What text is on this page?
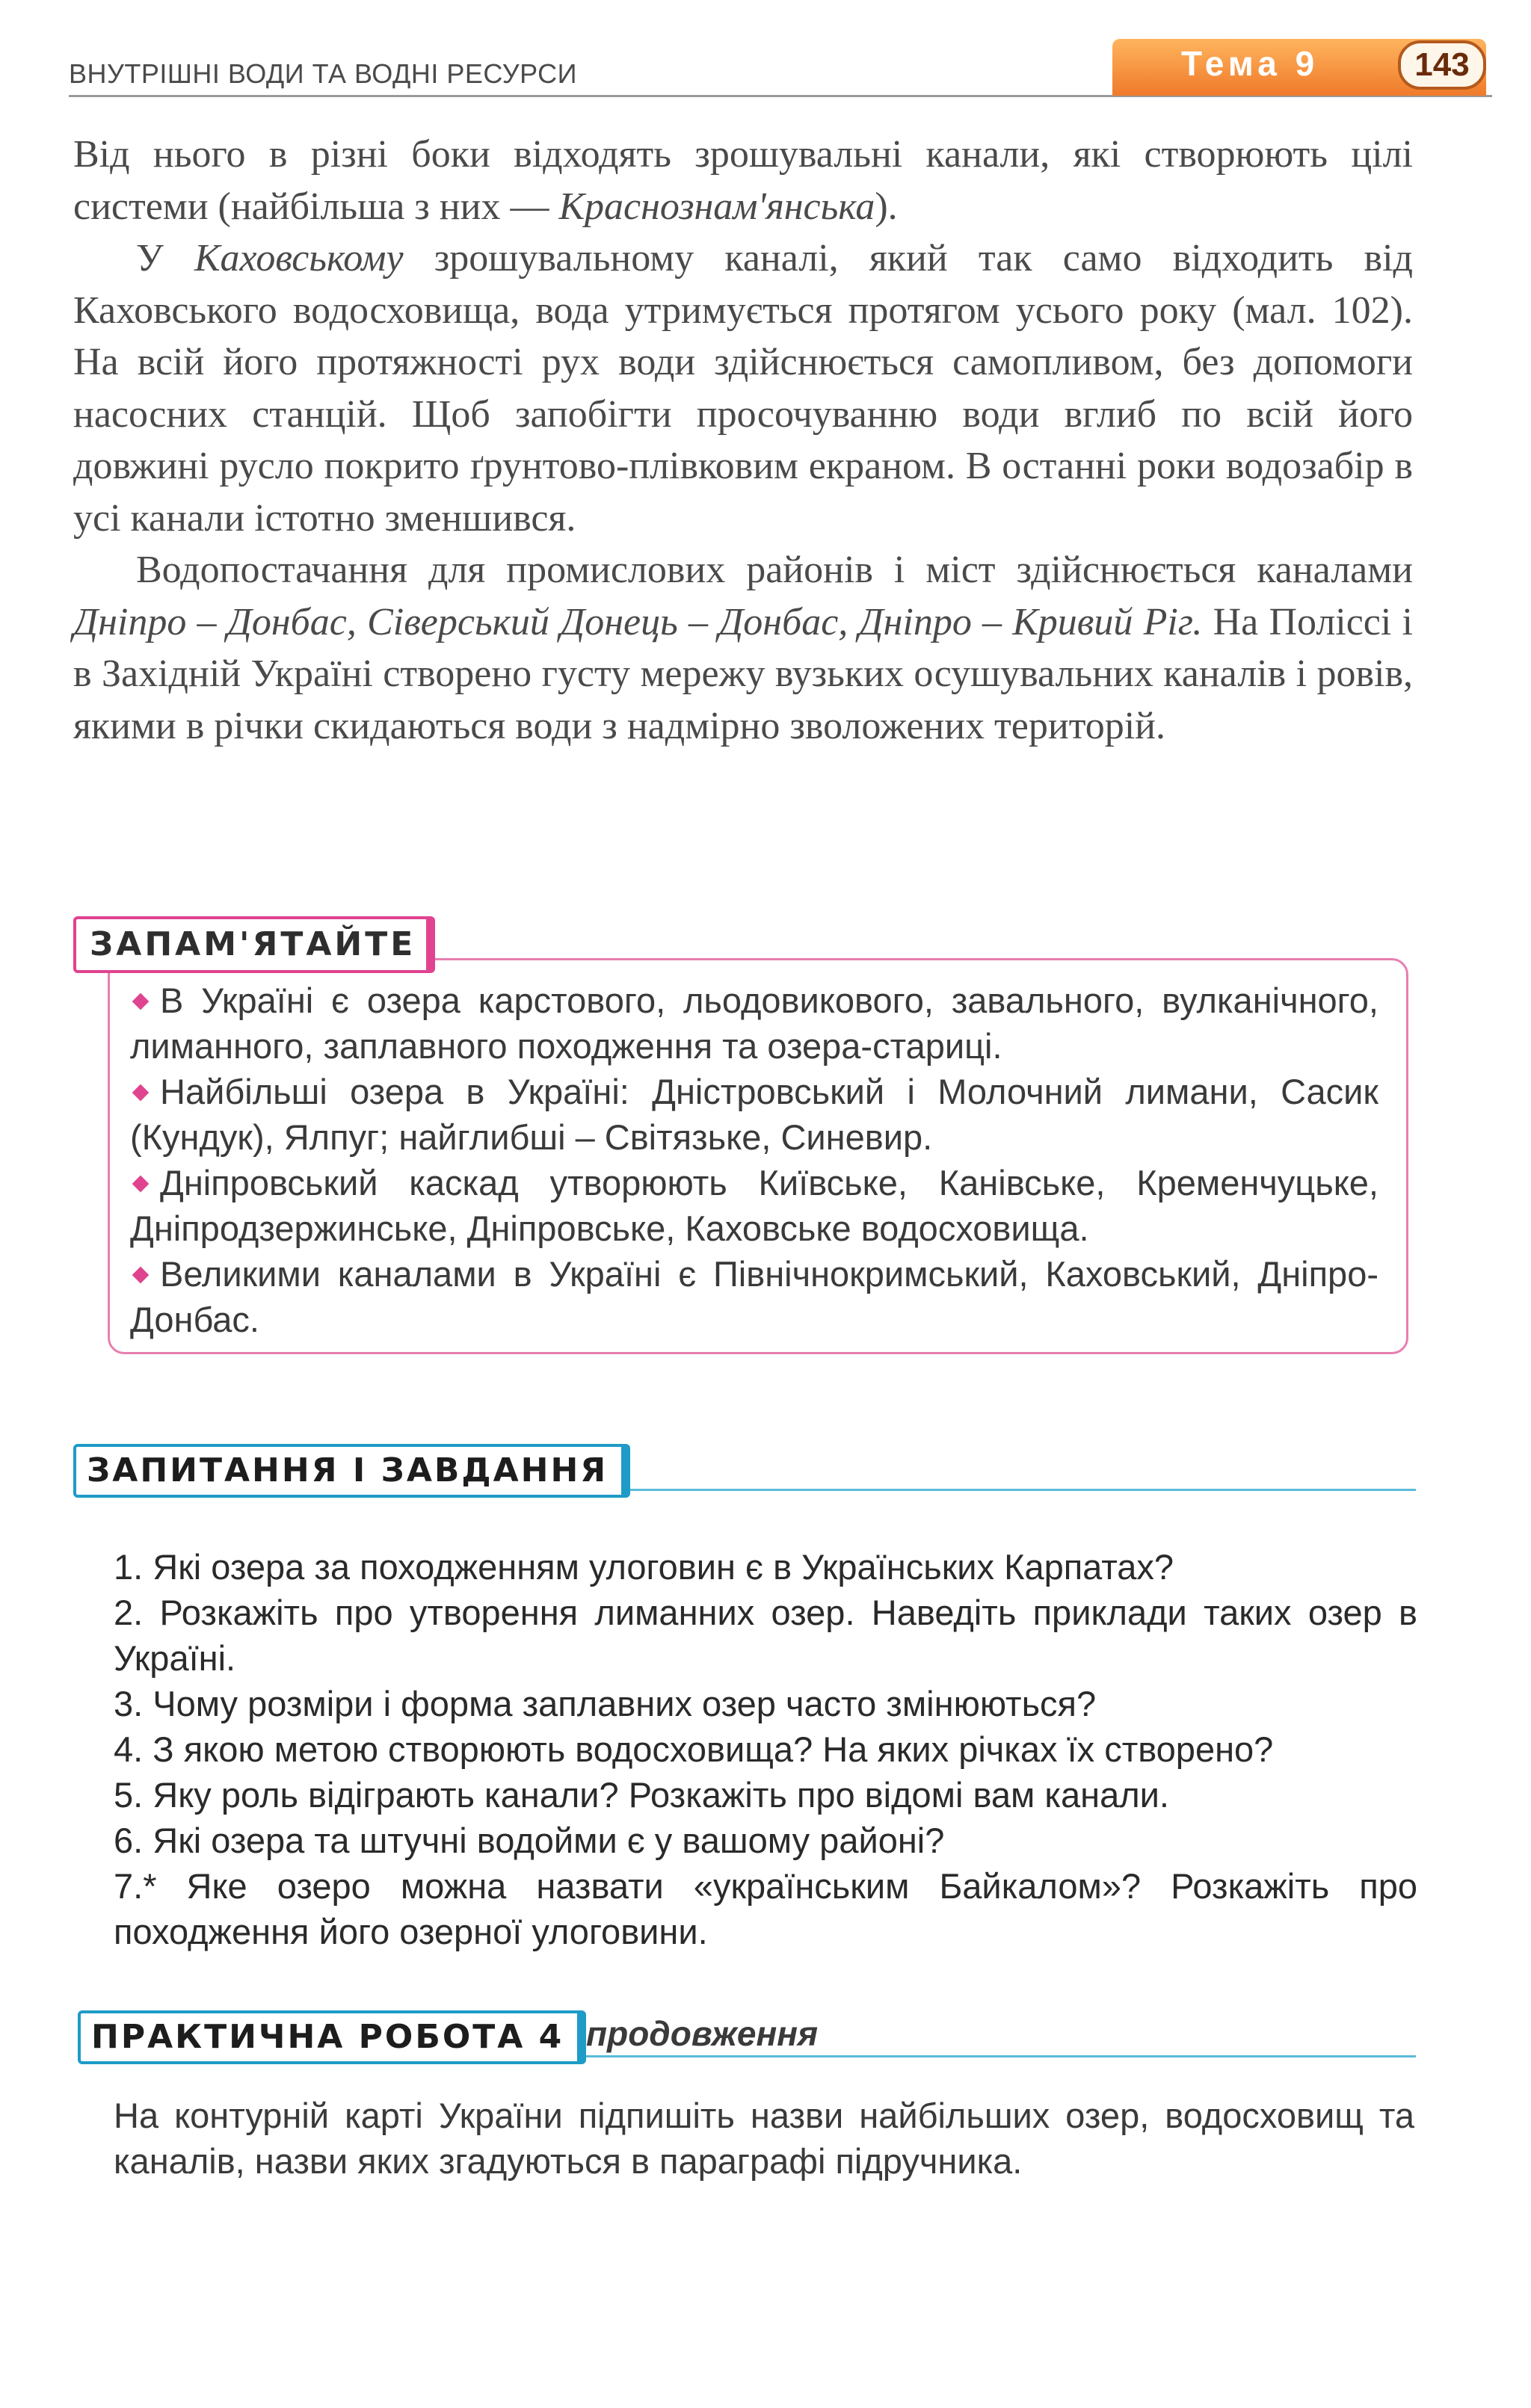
ВНУТРІШНІ ВОДИ ТА ВОДНІ РЕСУРСИ	Тема 9	143

Від нього в різні боки відходять зрошувальні канали, які створюють цілі системи (найбільша з них — Краснознам'янська).

У Каховському зрошувальному каналі, який так само відходить від Каховського водосховища, вода утримується протягом усього року (мал. 102). На всій його протяжності рух води здійснюється самопливом, без допомоги насосних станцій. Щоб запобігти просочуванню води вглиб по всій його довжині русло покрито ґрунтово-плівковим екраном. В останні роки водозабір в усі канали істотно зменшився.

Водопостачання для промислових районів і міст здійснюється каналами Дніпро – Донбас, Сіверський Донець – Донбас, Дніпро – Кривий Ріг. На Поліссі і в Західній Україні створено густу мережу вузьких осушувальних каналів і ровів, якими в річки скидаються води з надмірно зволожених територій.

ЗАПАМ'ЯТАЙТЕ
В Україні є озера карстового, льодовикового, завального, вулканічного, лиманного, заплавного походження та озера-стариці.
Найбільші озера в Україні: Дністровський і Молочний лимани, Сасик (Кундук), Ялпуг; найглибші – Світязьке, Синевир.
Дніпровський каскад утворюють Київське, Канівське, Кременчуцьке, Дніпродзержинське, Дніпровське, Каховське водосховища.
Великими каналами в Україні є Північнокримський, Каховський, Дніпро-Донбас.
ЗАПИТАННЯ І ЗАВДАННЯ
1. Які озера за походженням улоговин є в Українських Карпатах?
2. Розкажіть про утворення лиманних озер. Наведіть приклади таких озер в Україні.
3. Чому розміри і форма заплавних озер часто змінюються?
4. З якою метою створюють водосховища? На яких річках їх створено?
5. Яку роль відіграють канали? Розкажіть про відомі вам канали.
6. Які озера та штучні водойми є у вашому районі?
7.* Яке озеро можна назвати «українським Байкалом»? Розкажіть про походження його озерної улоговини.
ПРАКТИЧНА РОБОТА 4 продовження
На контурній карті України підпишіть назви найбільших озер, водосховищ та каналів, назви яких згадуються в параграфі підручника.
